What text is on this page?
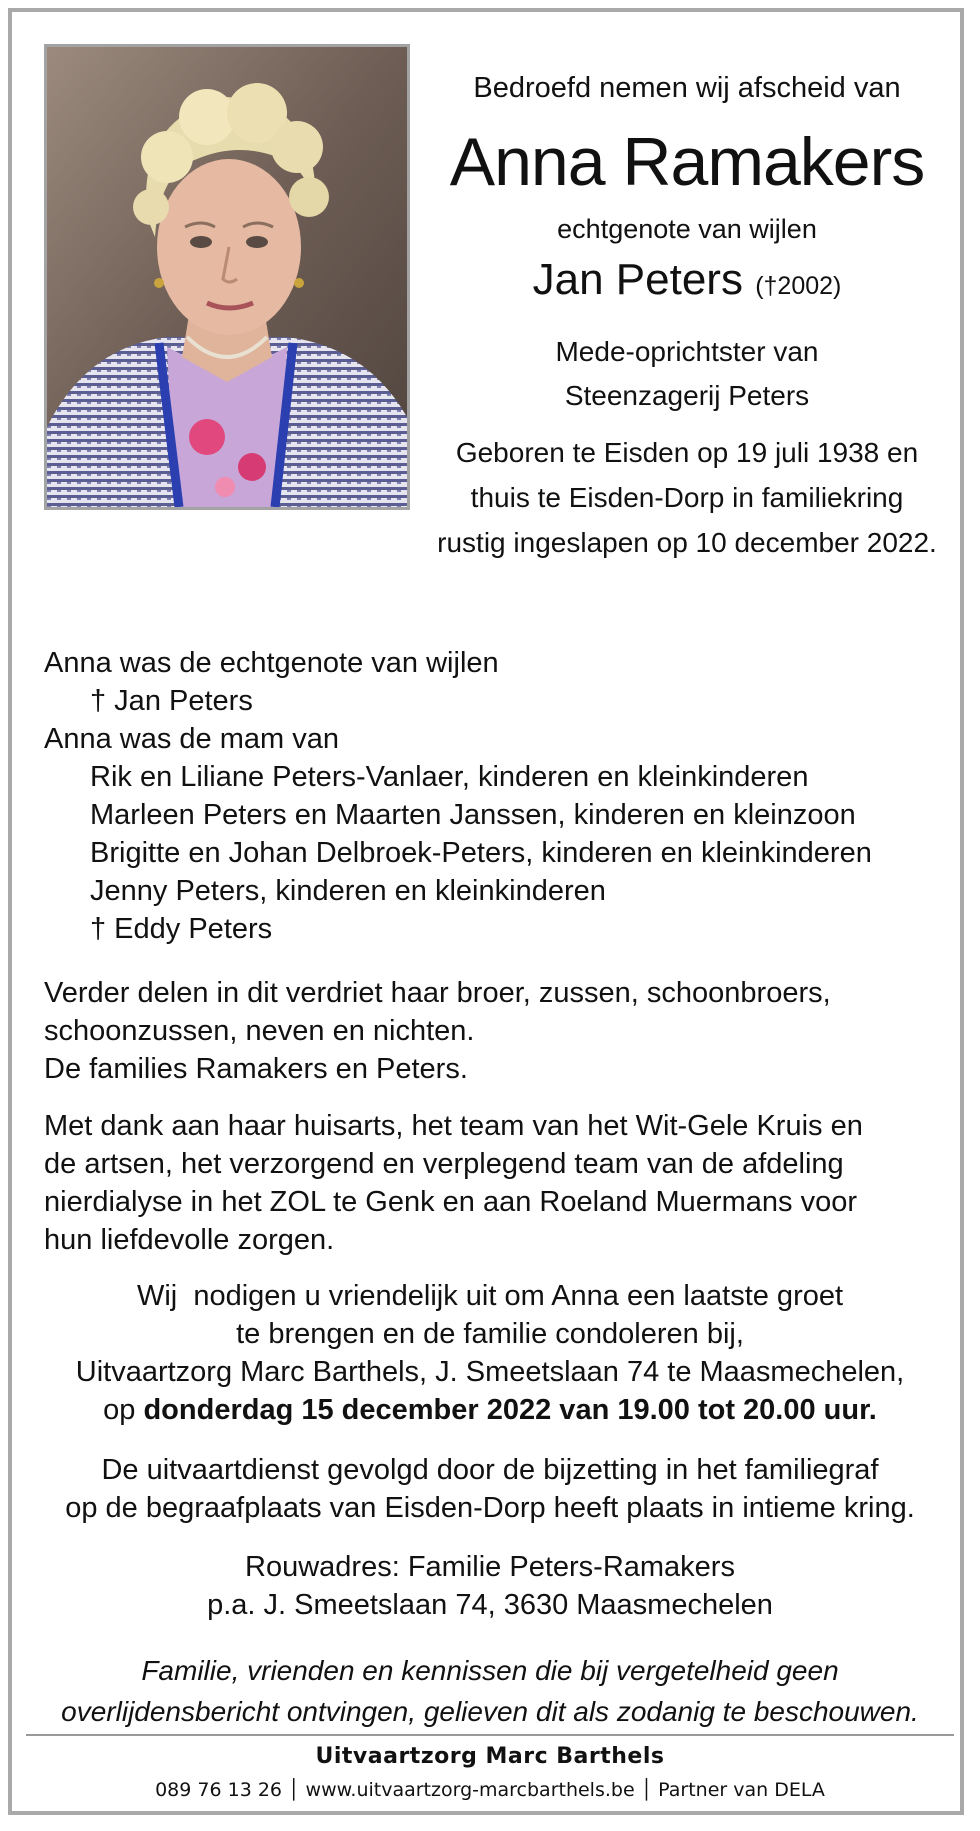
Bedroefd nemen wij afscheid van
Anna Ramakers
echtgenote van wijlen
Jan Peters (†2002)
Mede-oprichtster van
Steenzagerij Peters
Geboren te Eisden op 19 juli 1938 en
thuis te Eisden-Dorp in familiekring
rustig ingeslapen op 10 december 2022.
Anna was de echtgenote van wijlen
† Jan Peters
Anna was de mam van
Rik en Liliane Peters-Vanlaer, kinderen en kleinkinderen
Marleen Peters en Maarten Janssen, kinderen en kleinzoon
Brigitte en Johan Delbroek-Peters, kinderen en kleinkinderen
Jenny Peters, kinderen en kleinkinderen
† Eddy Peters
Verder delen in dit verdriet haar broer, zussen, schoonbroers,
schoonzussen, neven en nichten.
De families Ramakers en Peters.
Met dank aan haar huisarts, het team van het Wit-Gele Kruis en
de artsen, het verzorgend en verplegend team van de afdeling
nierdialyse in het ZOL te Genk en aan Roeland Muermans voor
hun liefdevolle zorgen.
Wij  nodigen u vriendelijk uit om Anna een laatste groet
te brengen en de familie condoleren bij,
Uitvaartzorg Marc Barthels, J. Smeetslaan 74 te Maasmechelen,
op donderdag 15 december 2022 van 19.00 tot 20.00 uur.
De uitvaartdienst gevolgd door de bijzetting in het familiegraf
op de begraafplaats van Eisden-Dorp heeft plaats in intieme kring.
Rouwadres: Familie Peters-Ramakers
p.a. J. Smeetslaan 74, 3630 Maasmechelen
Familie, vrienden en kennissen die bij vergetelheid geen
overlijdensbericht ontvingen, gelieven dit als zodanig te beschouwen.
Uitvaartzorg Marc Barthels
089 76 13 26 │ www.uitvaartzorg-marcbarthels.be │ Partner van DELA
